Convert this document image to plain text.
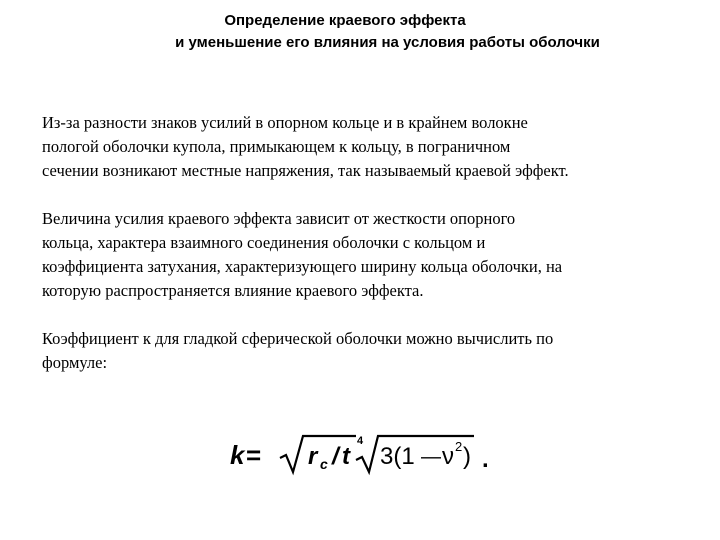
Определение краевого эффекта
и уменьшение его влияния на условия работы оболочки

Из-за разности знаков усилий в опорном кольце и в крайнем волокне
пологой оболочки купола, примыкающем к кольцу, в пограничном
сечении возникают местные напряжения, так называемый краевой эффект.

Величина усилия краевого эффекта зависит от жесткости опорного
кольца, характера взаимного соединения оболочки с кольцом и
коэффициента затухания, характеризующего ширину кольца оболочки, на
которую распространяется влияние краевого эффекта.

Коэффициент к для гладкой сферической оболочки можно вычислить по
формуле:

k = r c / t
4
3(1 — ν 2 ) .
